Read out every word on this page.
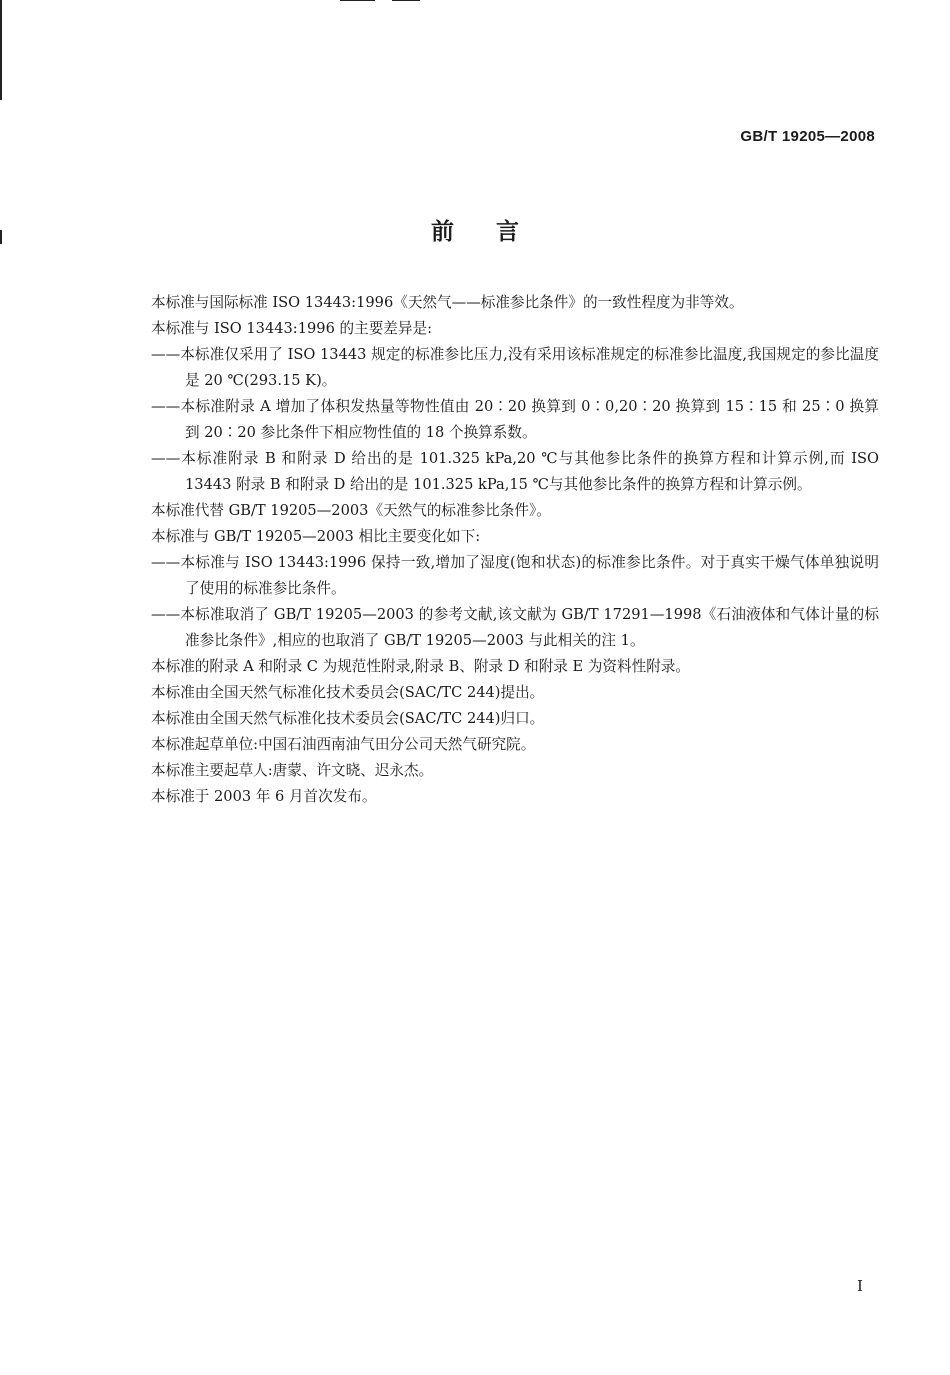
GB/T 19205—2008
前言

本标准与国际标准 ISO 13443:1996《天然气——标准参比条件》的一致性程度为非等效。

本标准与 ISO 13443:1996 的主要差异是:

——本标准仅采用了 ISO 13443 规定的标准参比压力,没有采用该标准规定的标准参比温度,我国规定的参比温度是 20 ℃(293.15 K)。

——本标准附录 A 增加了体积发热量等物性值由 20∶20 换算到 0∶0,20∶20 换算到 15∶15 和 25∶0 换算到 20∶20 参比条件下相应物性值的 18 个换算系数。

——本标准附录 B 和附录 D 给出的是 101.325 kPa,20 ℃与其他参比条件的换算方程和计算示例,而 ISO 13443 附录 B 和附录 D 给出的是 101.325 kPa,15 ℃与其他参比条件的换算方程和计算示例。

本标准代替 GB/T 19205—2003《天然气的标准参比条件》。

本标准与 GB/T 19205—2003 相比主要变化如下:

——本标准与 ISO 13443:1996 保持一致,增加了湿度(饱和状态)的标准参比条件。对于真实干燥气体单独说明了使用的标准参比条件。

——本标准取消了 GB/T 19205—2003 的参考文献,该文献为 GB/T 17291—1998《石油液体和气体计量的标准参比条件》,相应的也取消了 GB/T 19205—2003 与此相关的注 1。

本标准的附录 A 和附录 C 为规范性附录,附录 B、附录 D 和附录 E 为资料性附录。

本标准由全国天然气标准化技术委员会(SAC/TC 244)提出。

本标准由全国天然气标准化技术委员会(SAC/TC 244)归口。

本标准起草单位:中国石油西南油气田分公司天然气研究院。

本标准主要起草人:唐蒙、许文晓、迟永杰。

本标准于 2003 年 6 月首次发布。

I
